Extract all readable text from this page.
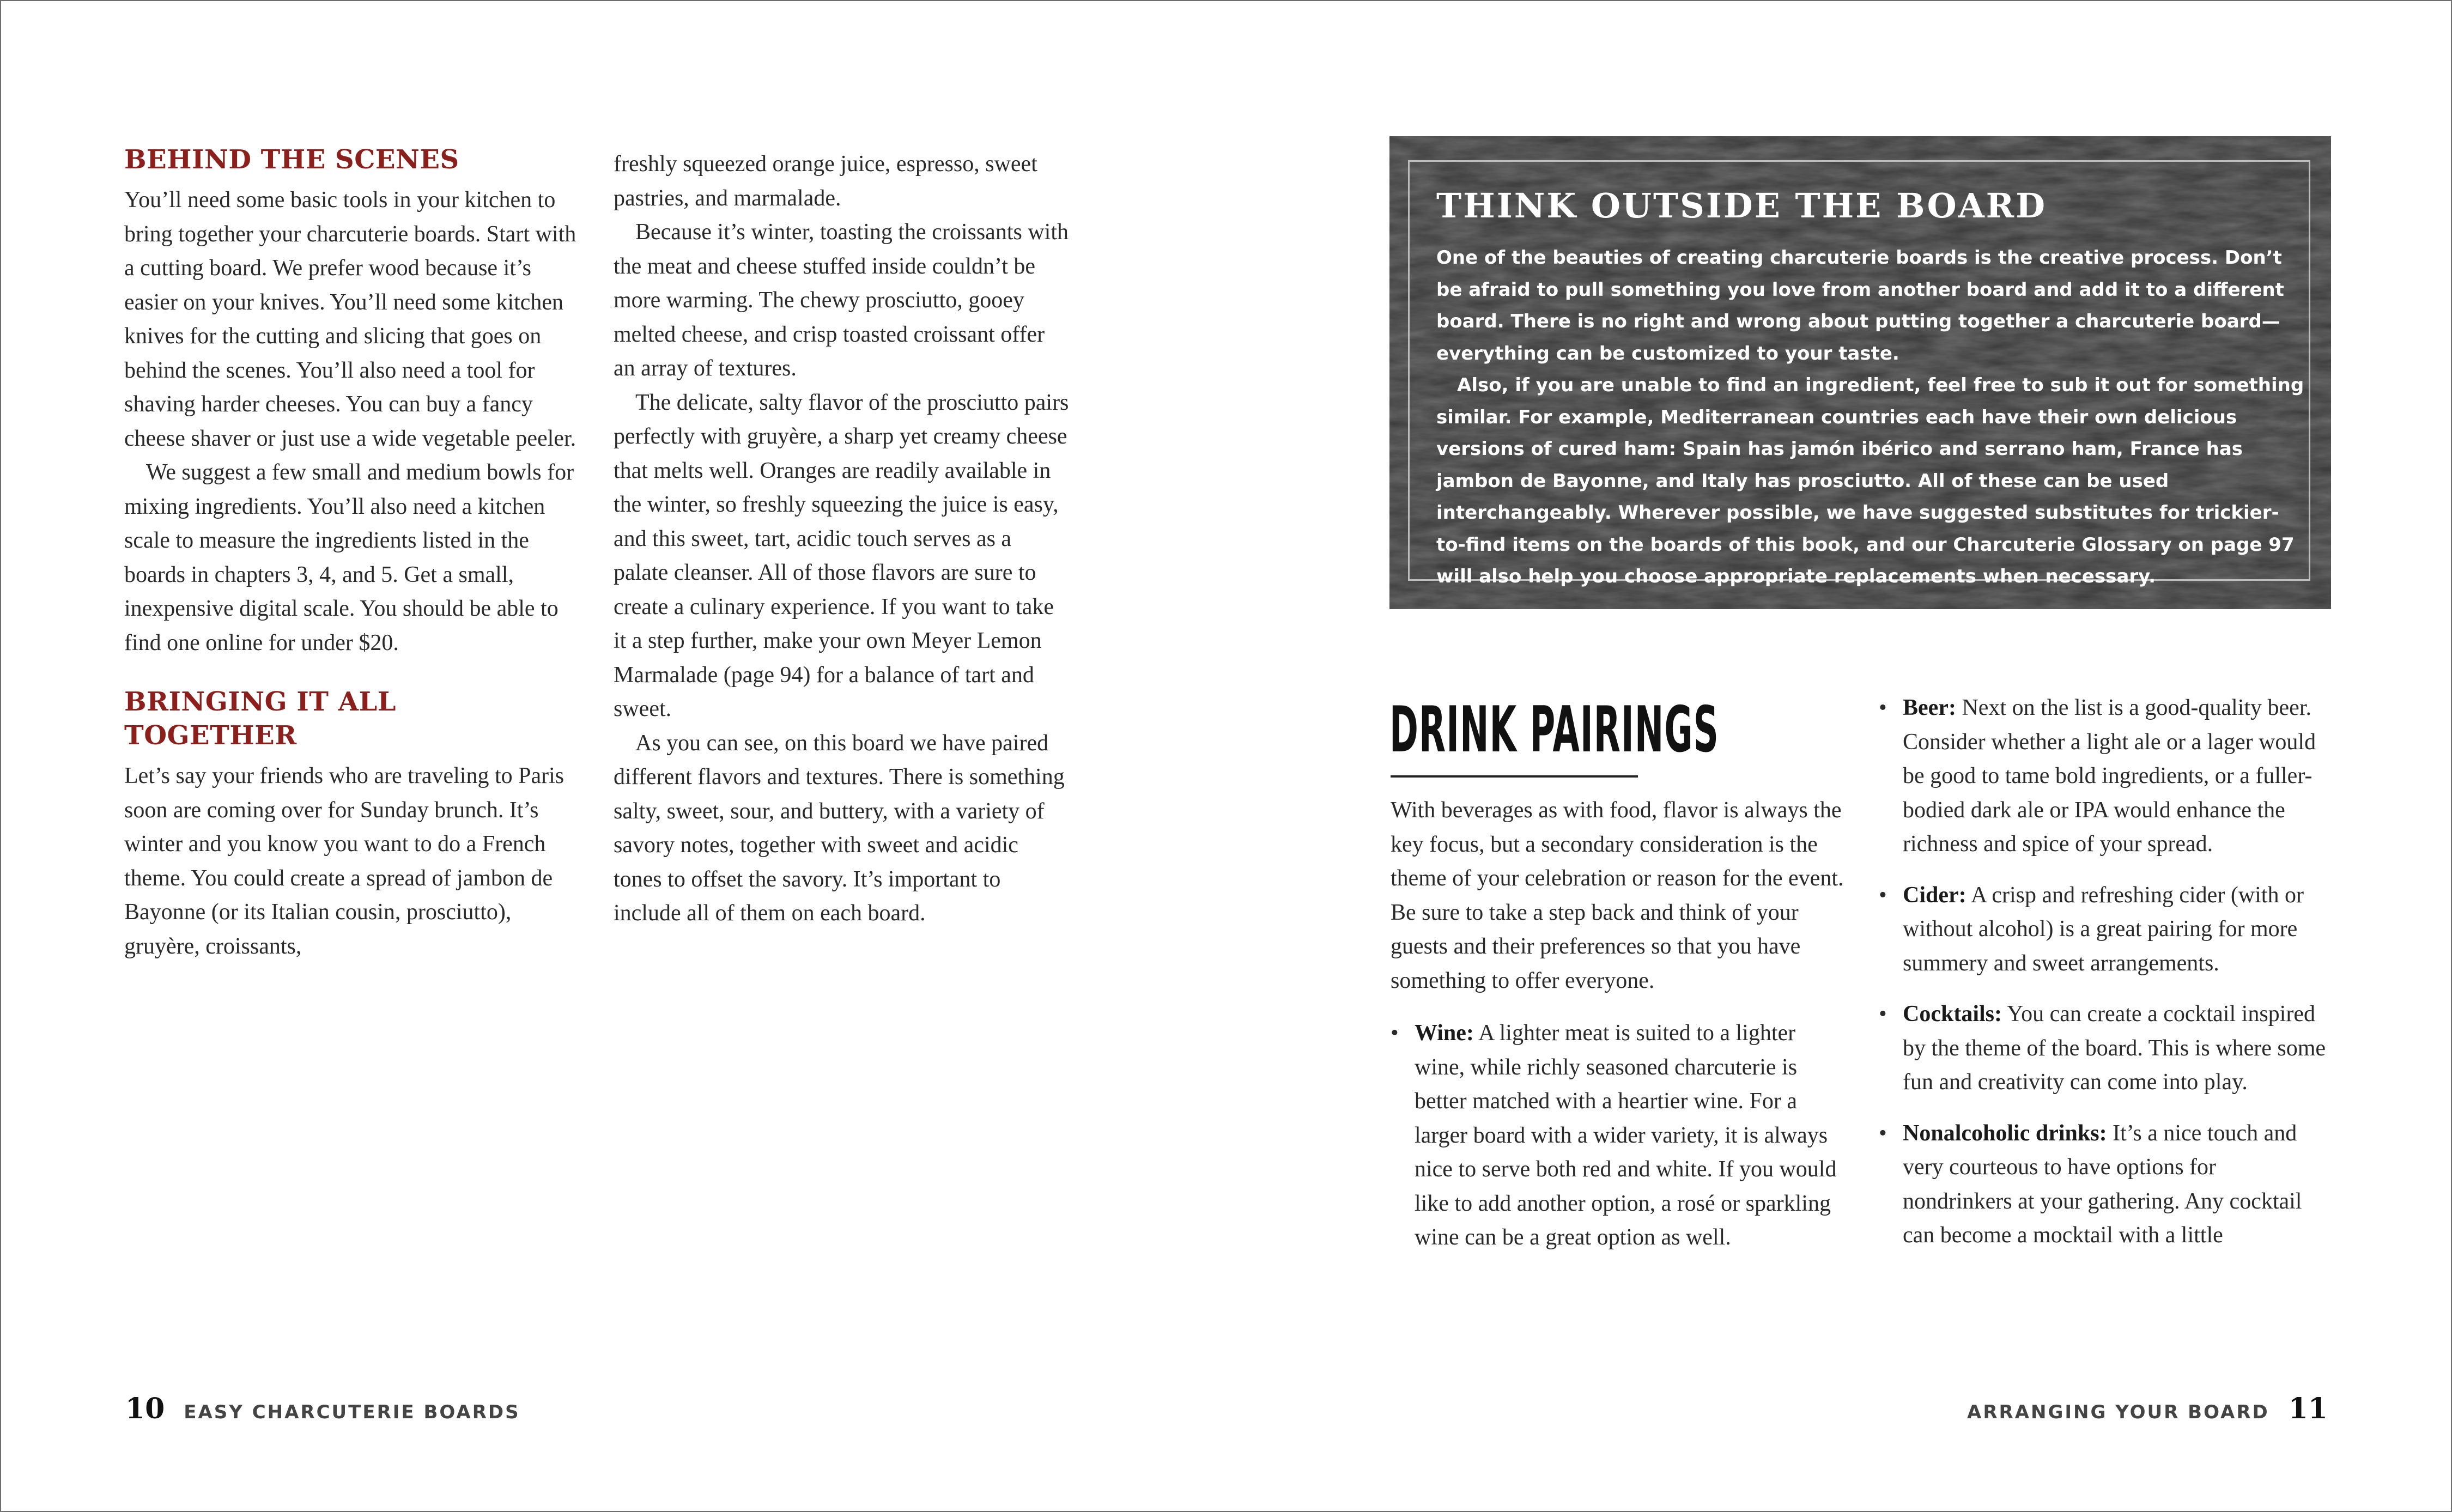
BEHIND THE SCENES

You’ll need some basic tools in your kitchen to bring together your charcuterie boards. Start with a cutting board. We prefer wood because it’s easier on your knives. You’ll need some kitchen knives for the cutting and slicing that goes on behind the scenes. You’ll also need a tool for shaving harder cheeses. You can buy a fancy cheese shaver or just use a wide vegetable peeler.

We suggest a few small and medium bowls for mixing ingredients. You’ll also need a kitchen scale to measure the ingredients listed in the boards in chapters 3, 4, and 5. Get a small, inexpensive digital scale. You should be able to find one online for under $20.

BRINGING IT ALL TOGETHER

Let’s say your friends who are traveling to Paris soon are coming over for Sunday brunch. It’s winter and you know you want to do a French theme. You could create a spread of jambon de Bayonne (or its Italian cousin, prosciutto), gruyère, croissants,

freshly squeezed orange juice, espresso, sweet pastries, and marmalade.

Because it’s winter, toasting the croissants with the meat and cheese stuffed inside couldn’t be more warming. The chewy prosciutto, gooey melted cheese, and crisp toasted croissant offer an array of textures.

The delicate, salty flavor of the prosciutto pairs perfectly with gruyère, a sharp yet creamy cheese that melts well. Oranges are readily available in the winter, so freshly squeezing the juice is easy, and this sweet, tart, acidic touch serves as a palate cleanser. All of those flavors are sure to create a culinary experience. If you want to take it a step further, make your own Meyer Lemon Marmalade (page 94) for a balance of tart and sweet.

As you can see, on this board we have paired different flavors and textures. There is something salty, sweet, sour, and buttery, with a variety of savory notes, together with sweet and acidic tones to offset the savory. It’s important to include all of them on each board.

10 EASY CHARCUTERIE BOARDS
THINK OUTSIDE THE BOARD

One of the beauties of creating charcuterie boards is the creative process. Don’t be afraid to pull something you love from another board and add it to a different board. There is no right and wrong about putting together a charcuterie board—everything can be customized to your taste.

Also, if you are unable to find an ingredient, feel free to sub it out for something similar. For example, Mediterranean countries each have their own delicious versions of cured ham: Spain has jamón ibérico and serrano ham, France has jambon de Bayonne, and Italy has prosciutto. All of these can be used interchangeably. Wherever possible, we have suggested substitutes for trickier-to-find items on the boards of this book, and our Charcuterie Glossary on page 97 will also help you choose appropriate replacements when necessary.

DRINK PAIRINGS

With beverages as with food, flavor is always the key focus, but a secondary consideration is the theme of your celebration or reason for the event. Be sure to take a step back and think of your guests and their preferences so that you have something to offer everyone.

• Wine: A lighter meat is suited to a lighter wine, while richly seasoned charcuterie is better matched with a heartier wine. For a larger board with a wider variety, it is always nice to serve both red and white. If you would like to add another option, a rosé or sparkling wine can be a great option as well.
• Beer: Next on the list is a good-quality beer. Consider whether a light ale or a lager would be good to tame bold ingredients, or a fuller-bodied dark ale or IPA would enhance the richness and spice of your spread.
• Cider: A crisp and refreshing cider (with or without alcohol) is a great pairing for more summery and sweet arrangements.
• Cocktails: You can create a cocktail inspired by the theme of the board. This is where some fun and creativity can come into play.
• Nonalcoholic drinks: It’s a nice touch and very courteous to have options for nondrinkers at your gathering. Any cocktail can become a mocktail with a little
ARRANGING YOUR BOARD 11
